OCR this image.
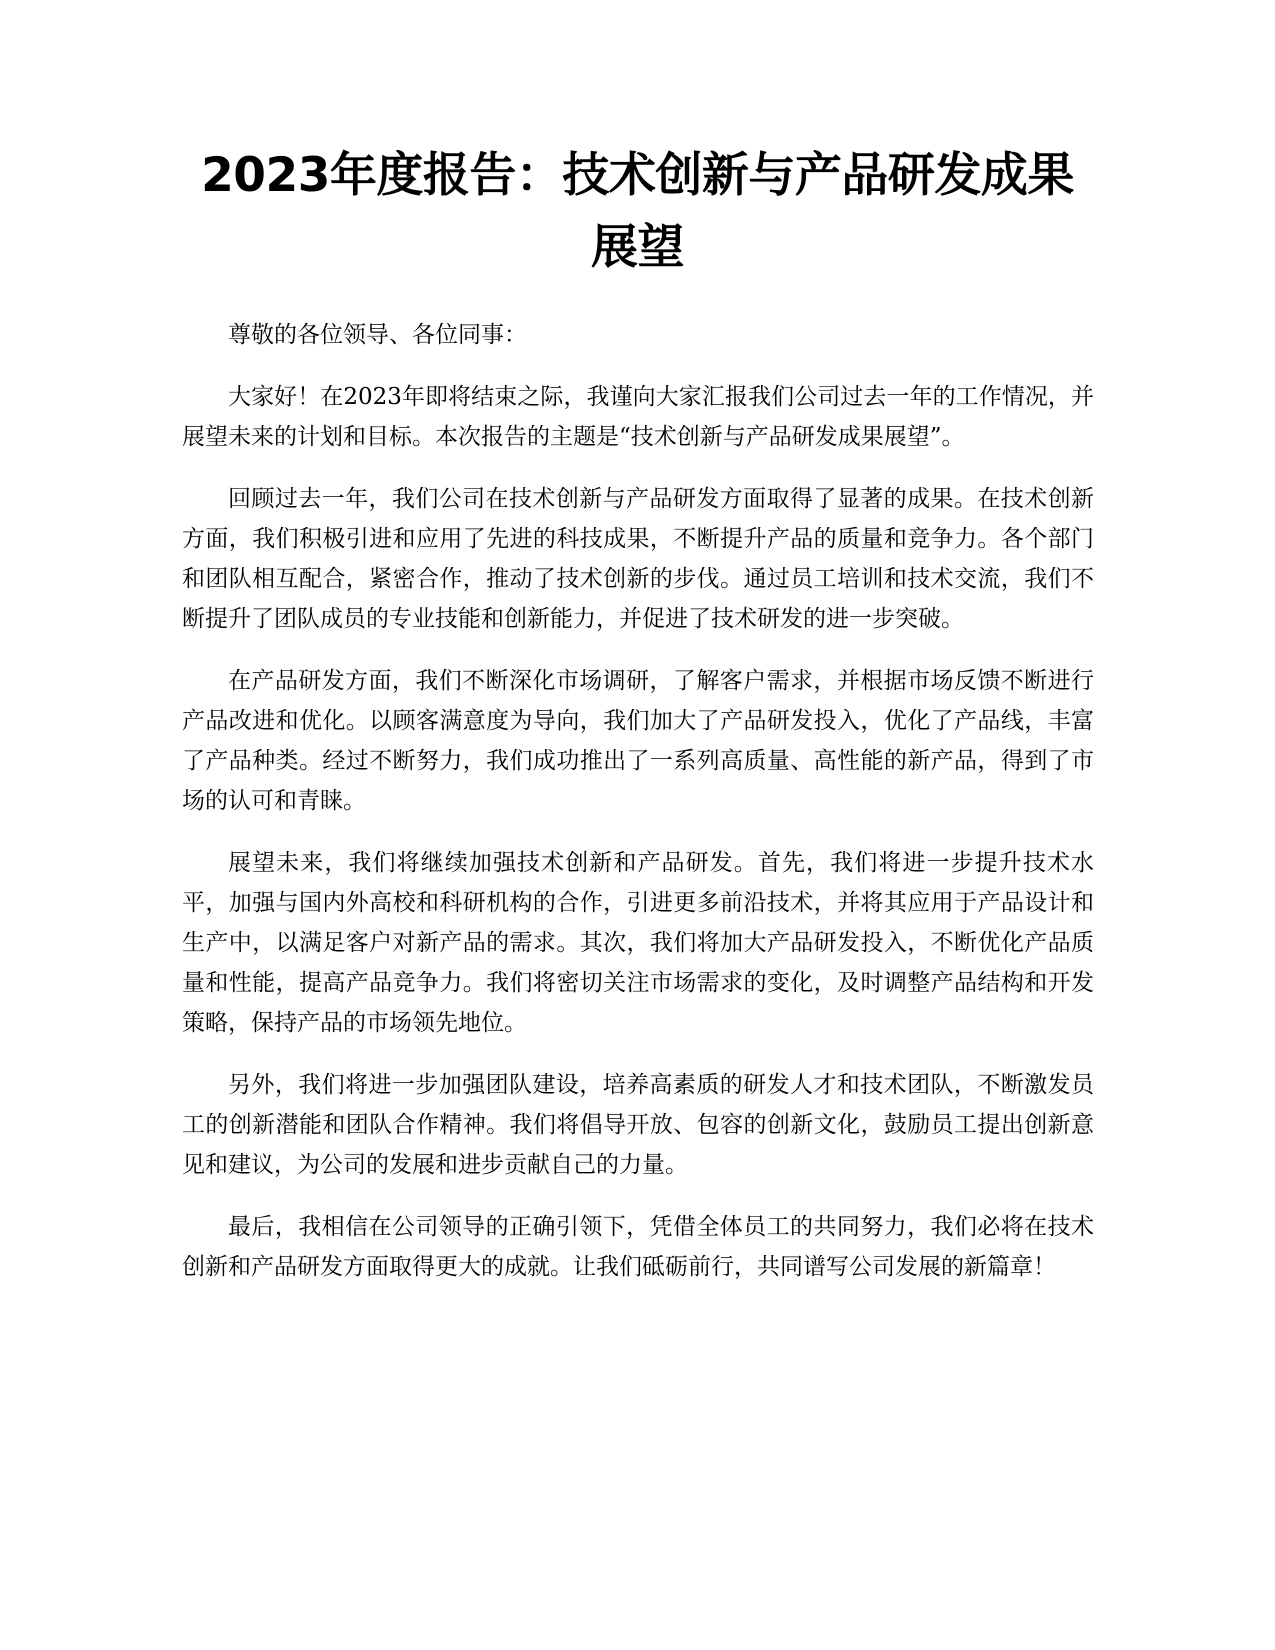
2023年度报告：技术创新与产品研发成果展望

尊敬的各位领导、各位同事：

大家好！在2023年即将结束之际，我谨向大家汇报我们公司过去一年的工作情况，并展望未来的计划和目标。本次报告的主题是“技术创新与产品研发成果展望”。

回顾过去一年，我们公司在技术创新与产品研发方面取得了显著的成果。在技术创新方面，我们积极引进和应用了先进的科技成果，不断提升产品的质量和竞争力。各个部门和团队相互配合，紧密合作，推动了技术创新的步伐。通过员工培训和技术交流，我们不断提升了团队成员的专业技能和创新能力，并促进了技术研发的进一步突破。

在产品研发方面，我们不断深化市场调研，了解客户需求，并根据市场反馈不断进行产品改进和优化。以顾客满意度为导向，我们加大了产品研发投入，优化了产品线，丰富了产品种类。经过不断努力，我们成功推出了一系列高质量、高性能的新产品，得到了市场的认可和青睐。

展望未来，我们将继续加强技术创新和产品研发。首先，我们将进一步提升技术水平，加强与国内外高校和科研机构的合作，引进更多前沿技术，并将其应用于产品设计和生产中，以满足客户对新产品的需求。其次，我们将加大产品研发投入，不断优化产品质量和性能，提高产品竞争力。我们将密切关注市场需求的变化，及时调整产品结构和开发策略，保持产品的市场领先地位。

另外，我们将进一步加强团队建设，培养高素质的研发人才和技术团队，不断激发员工的创新潜能和团队合作精神。我们将倡导开放、包容的创新文化，鼓励员工提出创新意见和建议，为公司的发展和进步贡献自己的力量。

最后，我相信在公司领导的正确引领下，凭借全体员工的共同努力，我们必将在技术创新和产品研发方面取得更大的成就。让我们砥砺前行，共同谱写公司发展的新篇章！
